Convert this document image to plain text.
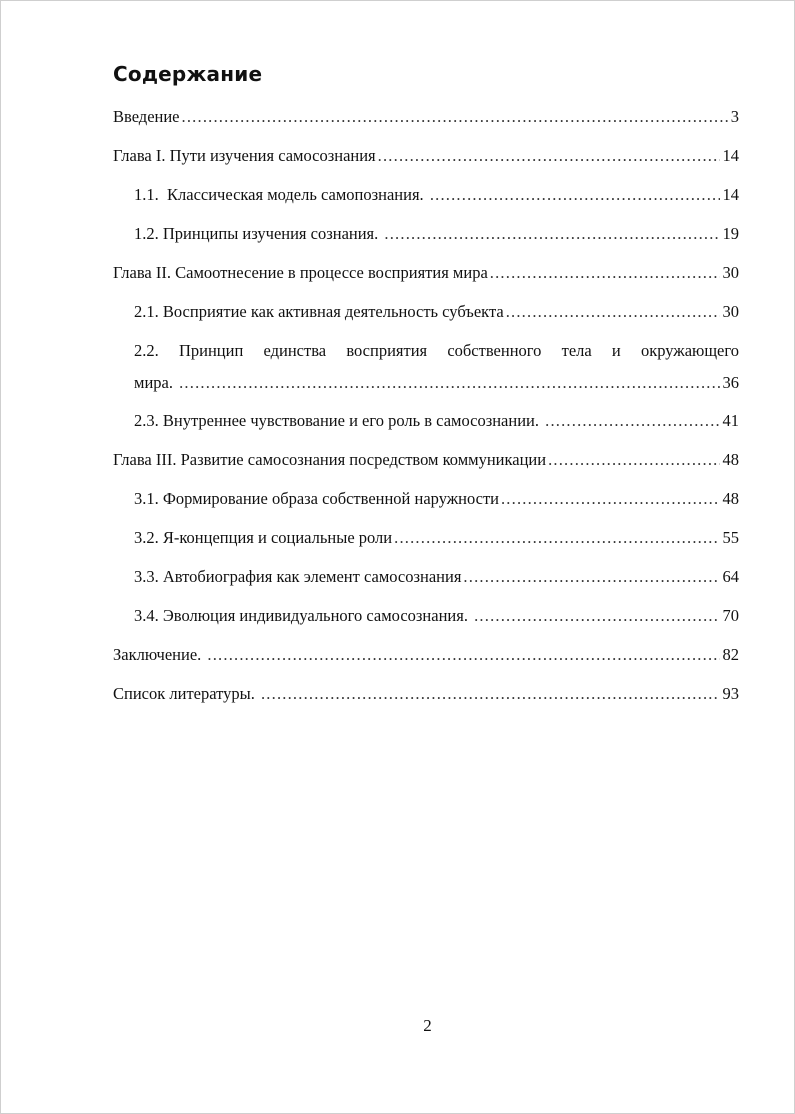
Содержание
Введение .....	3
Глава I. Пути изучения самосознания .....	14
1.1.  Классическая модель самопознания. .....	14
1.2. Принципы изучения сознания. .....	19
Глава II. Самоотнесение в процессе восприятия мира .....	30
2.1. Восприятие как активная деятельность субъекта .....	30
2.2. Принцип единства восприятия собственного тела и окружающего
мира. .....	36
2.3. Внутреннее чувствование и его роль в самосознании. .....	41
Глава III. Развитие самосознания посредством коммуникации .....	48
3.1. Формирование образа собственной наружности .....	48
3.2. Я-концепция и социальные роли .....	55
3.3. Автобиография как элемент самосознания .....	64
3.4. Эволюция индивидуального самосознания. .....	70
Заключение. .....	82
Список литературы. .....	93
2
